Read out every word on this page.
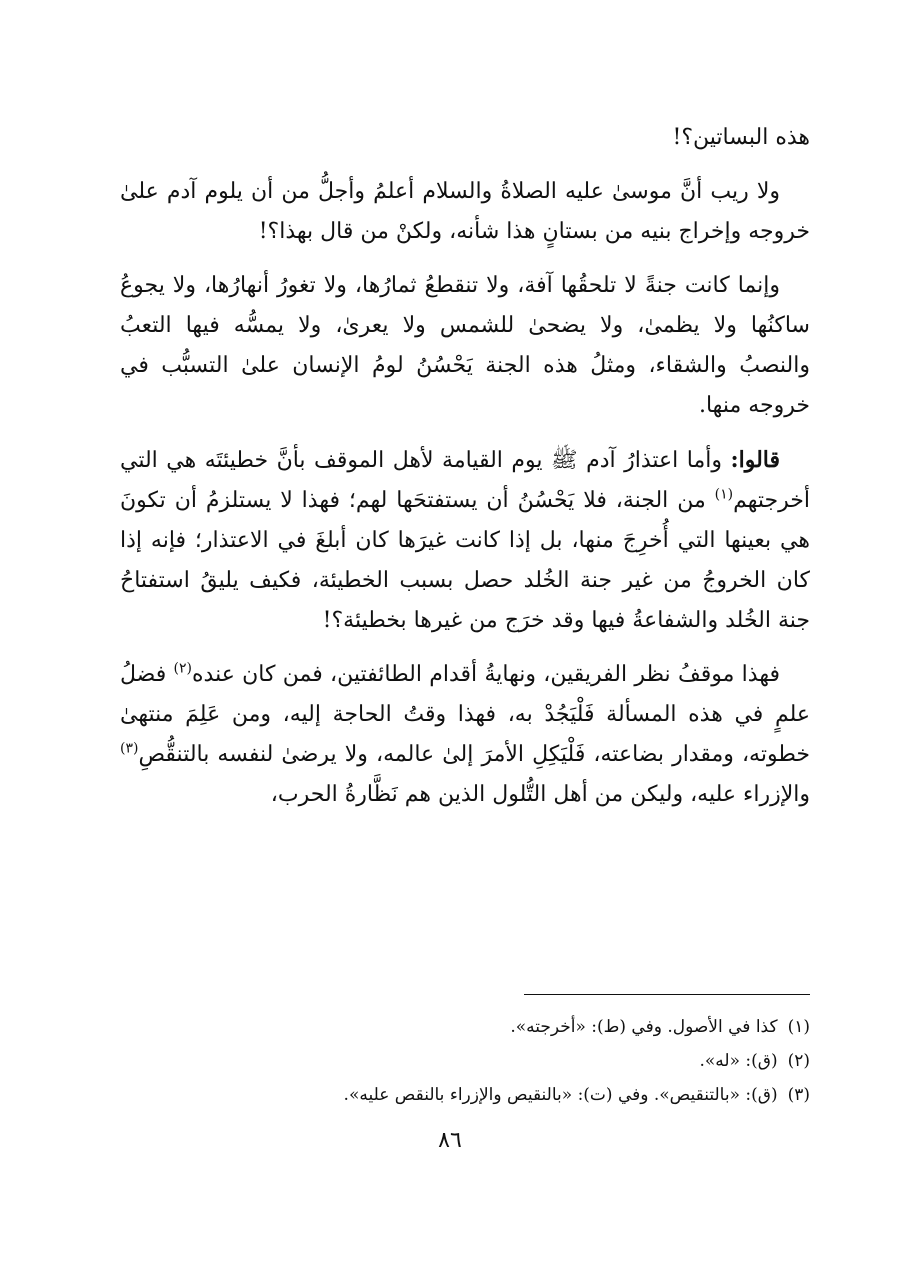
هذه البساتين؟!

ولا ريب أنَّ موسىٰ عليه الصلاةُ والسلام أعلمُ وأجلُّ من أن يلوم آدم علىٰ خروجه وإخراج بنيه من بستانٍ هذا شأنه، ولكنْ من قال بهذا؟!

وإنما كانت جنةً لا تلحقُها آفة، ولا تنقطعُ ثمارُها، ولا تغورُ أنهارُها، ولا يجوعُ ساكنُها ولا يظمىٰ، ولا يضحىٰ للشمس ولا يعرىٰ، ولا يمسُّه فيها التعبُ والنصبُ والشقاء، ومثلُ هذه الجنة يَحْسُنُ لومُ الإنسان علىٰ التسبُّب في خروجه منها.

قالوا: وأما اعتذارُ آدم ﷺ يوم القيامة لأهل الموقف بأنَّ خطيئتَه هي التي أخرجتهم$^{(١)}$ من الجنة، فلا يَحْسُنُ أن يستفتحَها لهم؛ فهذا لا يستلزمُ أن تكونَ هي بعينها التي أُخرِجَ منها، بل إذا كانت غيرَها كان أبلغَ في الاعتذار؛ فإنه إذا كان الخروجُ من غير جنة الخُلد حصل بسبب الخطيئة، فكيف يليقُ استفتاحُ جنة الخُلد والشفاعةُ فيها وقد خرَج من غيرها بخطيئة؟!

فهذا موقفُ نظر الفريقين، ونهايةُ أقدام الطائفتين، فمن كان عنده$^{(٢)}$ فضلُ علمٍ في هذه المسألة فَلْيَجُدْ به، فهذا وقتُ الحاجة إليه، ومن عَلِمَ منتهىٰ خطوته، ومقدار بضاعته، فَلْيَكِلِ الأمرَ إلىٰ عالمه، ولا يرضىٰ لنفسه بالتنقُّصِ$^{(٣)}$ والإزراء عليه، وليكن من أهل التُّلول الذين هم نَظَّارةُ الحرب،

(١)
كذا في الأصول. وفي (ط): «أخرجته».
(٢)
(ق): «له».
(٣)
(ق): «بالتنقيص». وفي (ت): «بالنقيص والإزراء بالنقص عليه».
٨٦
